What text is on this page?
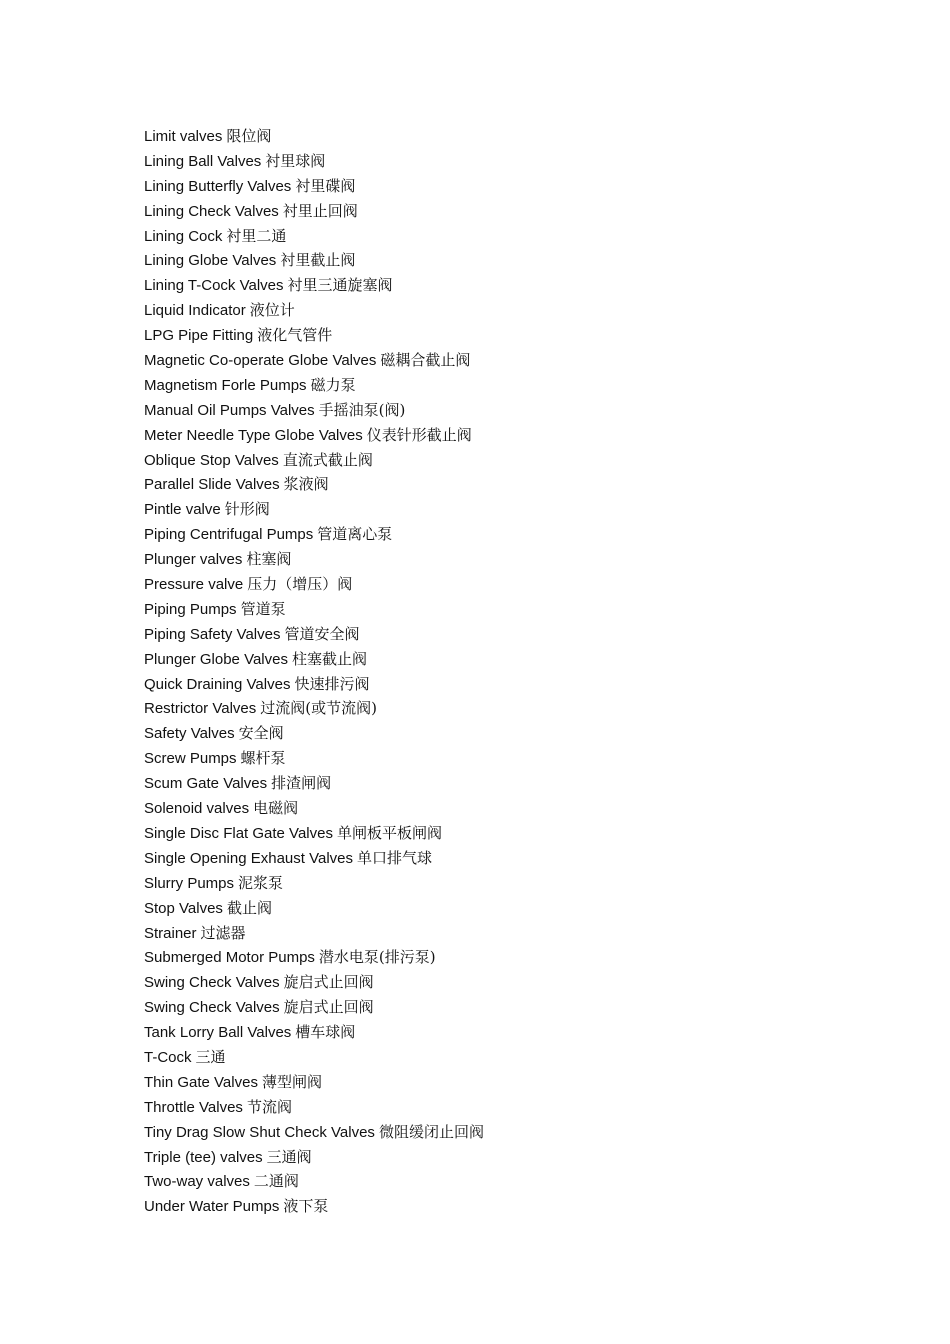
Limit valves 限位阀
Lining Ball Valves 衬里球阀
Lining Butterfly Valves 衬里碟阀
Lining Check Valves 衬里止回阀
Lining Cock 衬里二通
Lining Globe Valves 衬里截止阀
Lining T-Cock Valves 衬里三通旋塞阀
Liquid Indicator 液位计
LPG Pipe Fitting 液化气管件
Magnetic Co-operate Globe Valves 磁耦合截止阀
Magnetism Forle Pumps 磁力泵
Manual Oil Pumps Valves 手摇油泵(阀)
Meter Needle Type Globe Valves 仪表针形截止阀
Oblique Stop Valves 直流式截止阀
Parallel Slide Valves 浆液阀
Pintle valve 针形阀
Piping Centrifugal Pumps 管道离心泵
Plunger valves 柱塞阀
Pressure valve 压力（增压）阀
Piping Pumps 管道泵
Piping Safety Valves 管道安全阀
Plunger Globe Valves 柱塞截止阀
Quick Draining Valves 快速排污阀
Restrictor Valves 过流阀(或节流阀)
Safety Valves 安全阀
Screw Pumps 螺杆泵
Scum Gate Valves 排渣闸阀
Solenoid valves 电磁阀
Single Disc Flat Gate Valves 单闸板平板闸阀
Single Opening Exhaust Valves 单口排气球
Slurry Pumps 泥浆泵
Stop Valves 截止阀
Strainer 过滤器
Submerged Motor Pumps 潜水电泵(排污泵)
Swing Check Valves 旋启式止回阀
Swing Check Valves 旋启式止回阀
Tank Lorry Ball Valves 槽车球阀
T-Cock 三通
Thin Gate Valves 薄型闸阀
Throttle Valves 节流阀
Tiny Drag Slow Shut Check Valves 微阻缓闭止回阀
Triple (tee) valves 三通阀
Two-way valves 二通阀
Under Water Pumps 液下泵
